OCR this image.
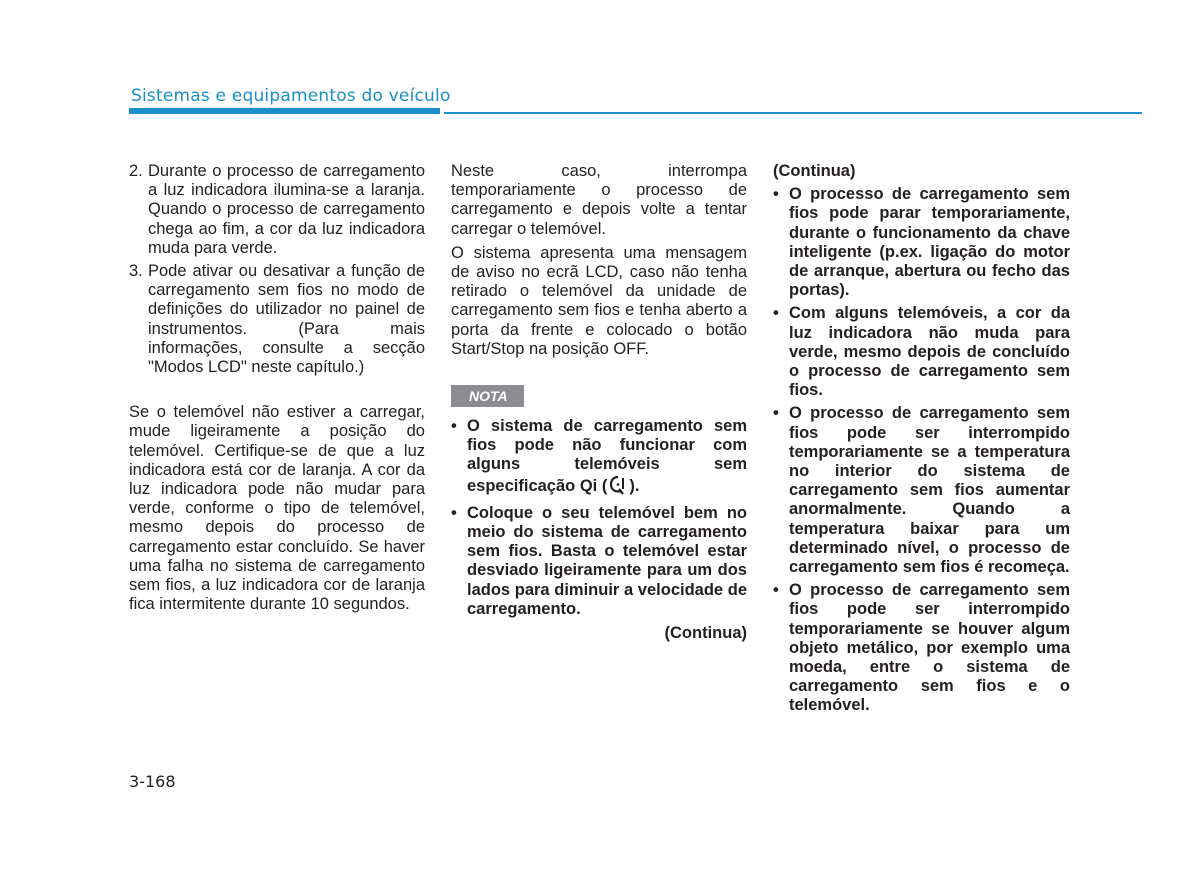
Sistemas e equipamentos do veículo
2. Durante o processo de carregamento a luz indicadora ilumina-se a laranja. Quando o processo de carregamento chega ao fim, a cor da luz indicadora muda para verde.
3. Pode ativar ou desativar a função de carregamento sem fios no modo de definições do utilizador no painel de instrumentos. (Para mais informações, consulte a secção "Modos LCD" neste capítulo.)

Se o telemóvel não estiver a carregar, mude ligeiramente a posição do telemóvel. Certifique-se de que a luz indicadora está cor de laranja. A cor da luz indicadora pode não mudar para verde, conforme o tipo de telemóvel, mesmo depois do processo de carregamento estar concluído. Se haver uma falha no sistema de carregamento sem fios, a luz indicadora cor de laranja fica intermitente durante 10 segundos.

Neste caso, interrompa temporariamente o processo de carregamento e depois volte a tentar carregar o telemóvel.

O sistema apresenta uma mensagem de aviso no ecrã LCD, caso não tenha retirado o telemóvel da unidade de carregamento sem fios e tenha aberto a porta da frente e colocado o botão Start/Stop na posição OFF.

NOTA
• O sistema de carregamento sem fios pode não funcionar com alguns telemóveis sem especificação Qi ( ).
• Coloque o seu telemóvel bem no meio do sistema de carregamento sem fios. Basta o telemóvel estar desviado ligeiramente para um dos lados para diminuir a velocidade de carregamento.
(Continua)
(Continua)
• O processo de carregamento sem fios pode parar temporariamente, durante o funcionamento da chave inteligente (p.ex. ligação do motor de arranque, abertura ou fecho das portas).
• Com alguns telemóveis, a cor da luz indicadora não muda para verde, mesmo depois de concluído o processo de carregamento sem fios.
• O processo de carregamento sem fios pode ser interrompido temporariamente se a temperatura no interior do sistema de carregamento sem fios aumentar anormalmente. Quando a temperatura baixar para um determinado nível, o processo de carregamento sem fios é recomeça.
• O processo de carregamento sem fios pode ser interrompido temporariamente se houver algum objeto metálico, por exemplo uma moeda, entre o sistema de carregamento sem fios e o telemóvel.
3-168
